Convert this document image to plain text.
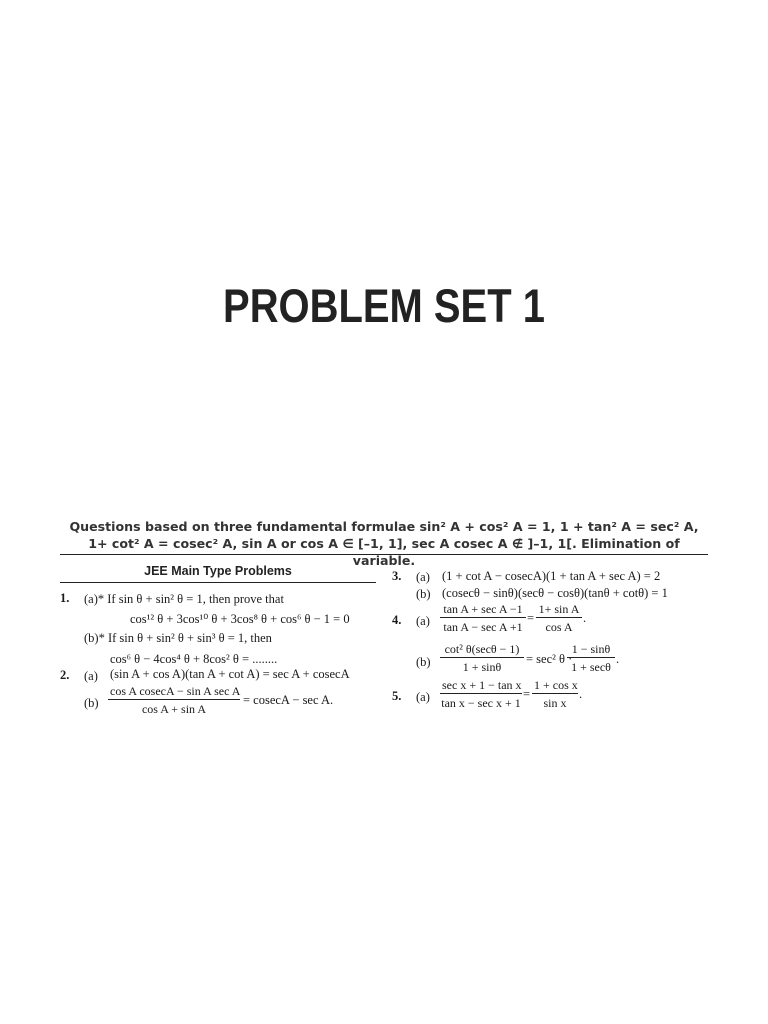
PROBLEM SET 1
Questions based on three fundamental formulae sin² A + cos² A = 1, 1 + tan² A = sec² A,
1+ cot² A = cosec² A, sin A or cos A ∈ [–1, 1], sec A cosec A ∉ ]–1, 1[. Elimination of variable.
JEE Main Type Problems
1. (a)* If sin θ + sin² θ = 1, then prove that
cos¹² θ + 3cos¹⁰ θ + 3cos⁸ θ + cos⁶ θ − 1 = 0
(b)* If sin θ + sin² θ + sin³ θ = 1, then
cos⁶ θ − 4cos⁴ θ + 8cos² θ = ........
2. (a) (sin A + cos A)(tan A + cot A) = sec A + cosecA
(b)
cos A cosecA − sin A sec A
cos A + sin A
= cosecA − sec A.
3. (a) (1 + cot A − cosecA)(1 + tan A + sec A) = 2
(b) (cosecθ − sinθ)(secθ − cosθ)(tanθ + cotθ) = 1
4. (a)
tan A + sec A −1
tan A − sec A +1
= $\frac{\text{1+ sin A}}{\text{cos A}}$ .
(b)
cot² θ(secθ − 1)
1 + sinθ
= sec² θ ·
1 − sinθ
1 + secθ
.
5. (a)
sec x + 1 − tan x
tan x − sec x + 1
= $\frac{\text{1 + cos x}}{\text{sin x}}$ .
